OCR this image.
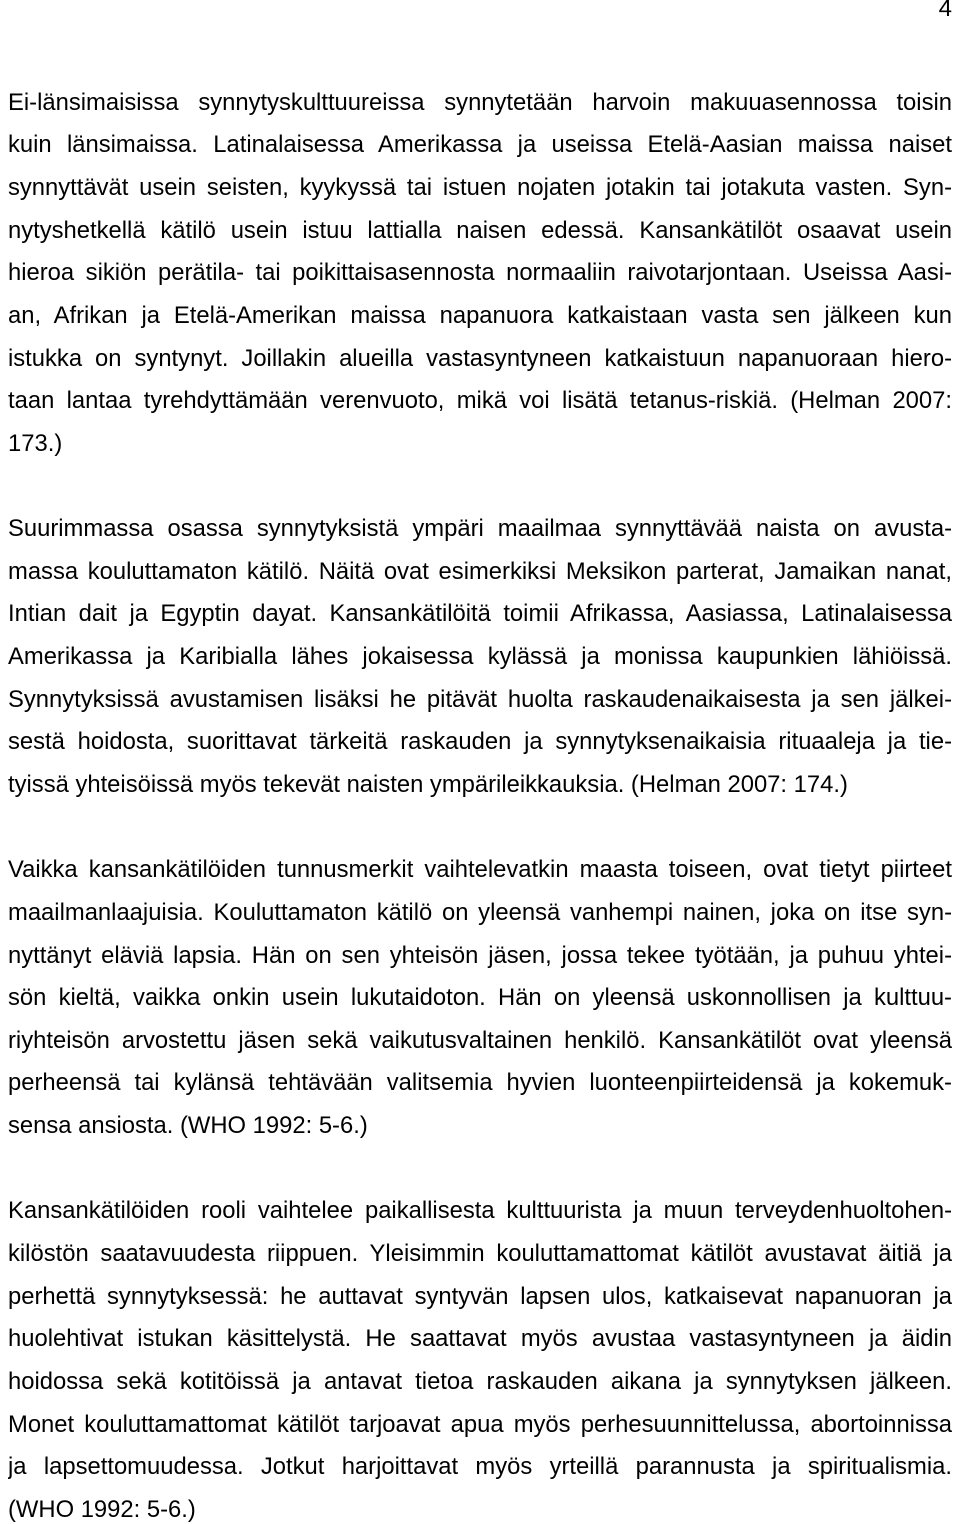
4
Ei-länsimaisissa synnytyskulttuureissa synnytetään harvoin makuuasennossa toisin
kuin länsimaissa. Latinalaisessa Amerikassa ja useissa Etelä-Aasian maissa naiset
synnyttävät usein seisten, kyykyssä tai istuen nojaten jotakin tai jotakuta vasten. Syn-
nytyshetkellä kätilö usein istuu lattialla naisen edessä. Kansankätilöt osaavat usein
hieroa sikiön perätila- tai poikittaisasennosta normaaliin raivotarjontaan. Useissa Aasi-
an, Afrikan ja Etelä-Amerikan maissa napanuora katkaistaan vasta sen jälkeen kun
istukka on syntynyt. Joillakin alueilla vastasyntyneen katkaistuun napanuoraan hiero-
taan lantaa tyrehdyttämään verenvuoto, mikä voi lisätä tetanus-riskiä. (Helman 2007:
173.)
Suurimmassa osassa synnytyksistä ympäri maailmaa synnyttävää naista on avusta-
massa kouluttamaton kätilö. Näitä ovat esimerkiksi Meksikon parterat, Jamaikan nanat,
Intian dait ja Egyptin dayat. Kansankätilöitä toimii Afrikassa, Aasiassa, Latinalaisessa
Amerikassa ja Karibialla lähes jokaisessa kylässä ja monissa kaupunkien lähiöissä.
Synnytyksissä avustamisen lisäksi he pitävät huolta raskaudenaikaisesta ja sen jälkei-
sestä hoidosta, suorittavat tärkeitä raskauden ja synnytyksenaikaisia rituaaleja ja tie-
tyissä yhteisöissä myös tekevät naisten ympärileikkauksia. (Helman 2007: 174.)
Vaikka kansankätilöiden tunnusmerkit vaihtelevatkin maasta toiseen, ovat tietyt piirteet
maailmanlaajuisia. Kouluttamaton kätilö on yleensä vanhempi nainen, joka on itse syn-
nyttänyt eläviä lapsia. Hän on sen yhteisön jäsen, jossa tekee työtään, ja puhuu yhtei-
sön kieltä, vaikka onkin usein lukutaidoton. Hän on yleensä uskonnollisen ja kulttuu-
riyhteisön arvostettu jäsen sekä vaikutusvaltainen henkilö. Kansankätilöt ovat yleensä
perheensä tai kylänsä tehtävään valitsemia hyvien luonteenpiirteidensä ja kokemuk-
sensa ansiosta. (WHO 1992: 5-6.)
Kansankätilöiden rooli vaihtelee paikallisesta kulttuurista ja muun terveydenhuoltohen-
kilöstön saatavuudesta riippuen. Yleisimmin kouluttamattomat kätilöt avustavat äitiä ja
perhettä synnytyksessä: he auttavat syntyvän lapsen ulos, katkaisevat napanuoran ja
huolehtivat istukan käsittelystä. He saattavat myös avustaa vastasyntyneen ja äidin
hoidossa sekä kotitöissä ja antavat tietoa raskauden aikana ja synnytyksen jälkeen.
Monet kouluttamattomat kätilöt tarjoavat apua myös perhesuunnittelussa, abortoinnissa
ja lapsettomuudessa. Jotkut harjoittavat myös yrteillä parannusta ja spiritualismia.
(WHO 1992: 5-6.)
